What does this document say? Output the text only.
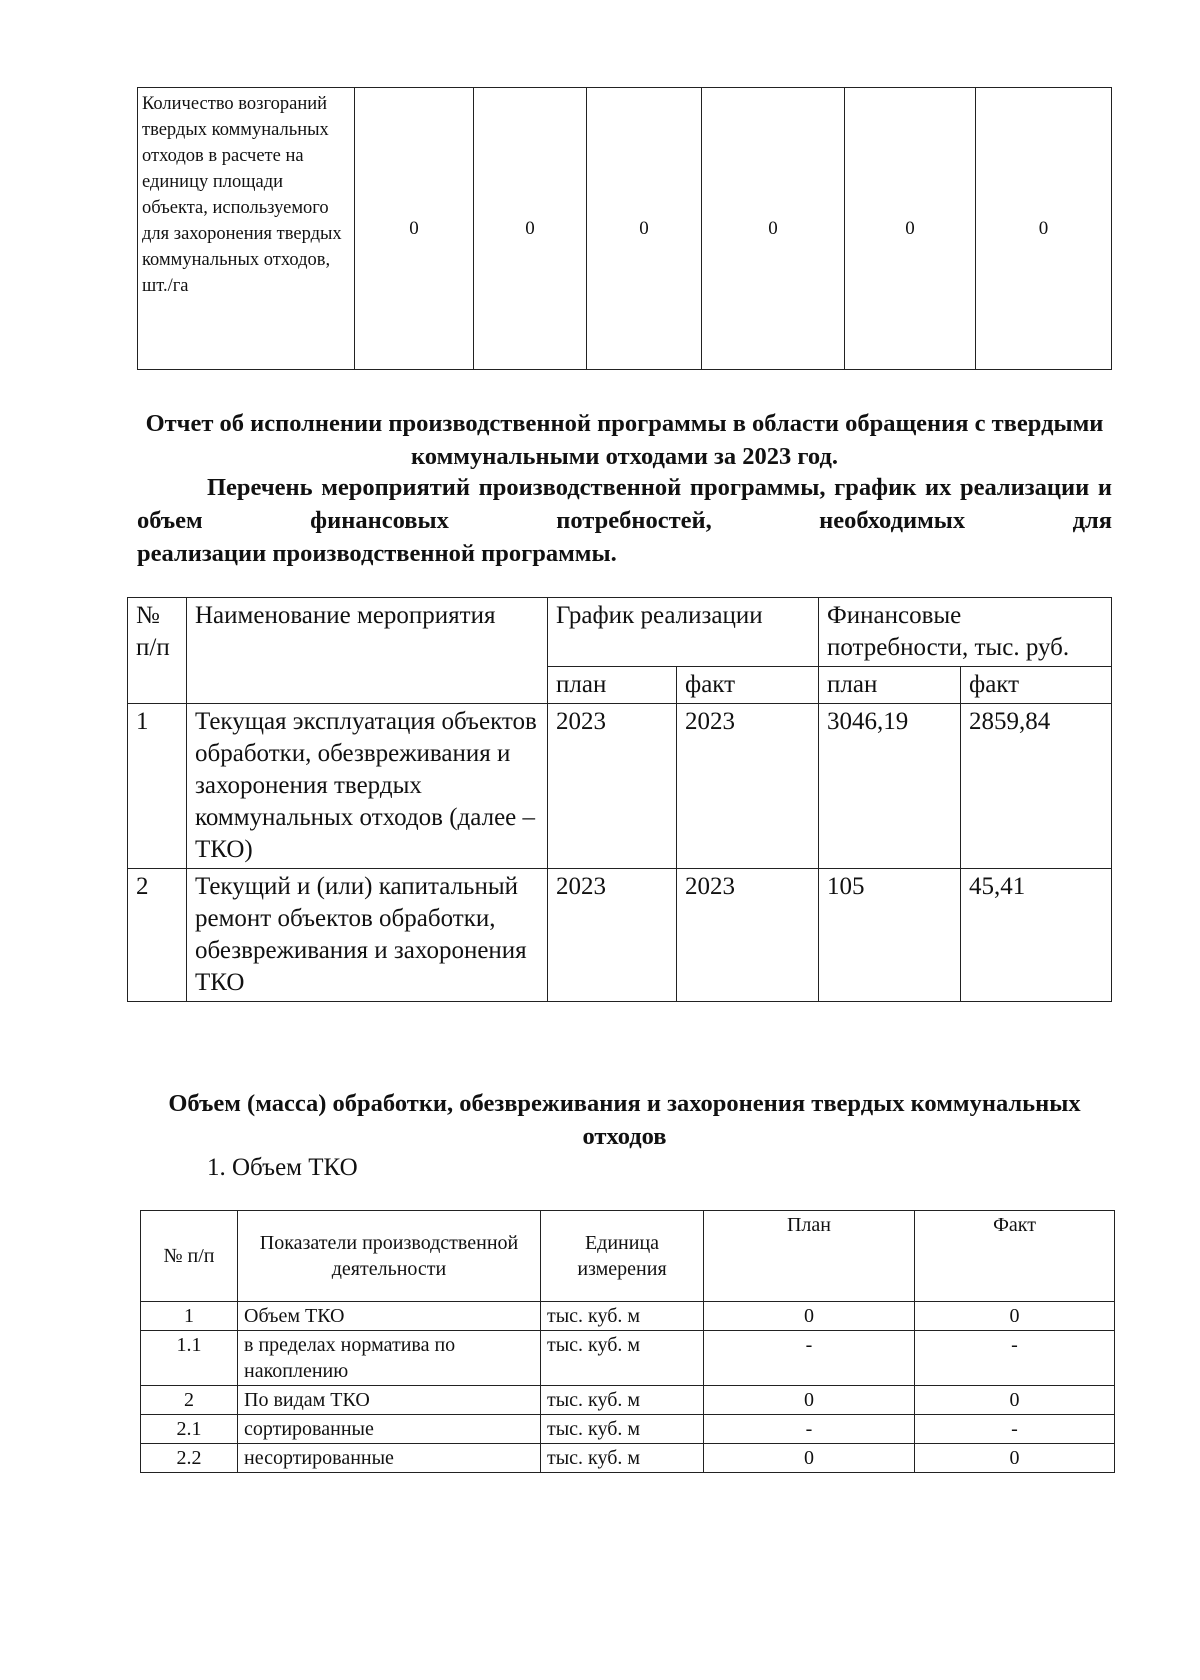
Количество возгораний твердых коммунальных отходов в расчете на единицу площади объекта, используемого для захоронения твердых коммунальных отходов, шт./га	0	0	0	0	0	0

Отчет об исполнении производственной программы в области обращения с твердыми коммунальными отходами за 2023 год.

Перечень мероприятий производственной программы, график их реализации и объем финансовых потребностей, необходимых для

реализации производственной программы.

№ п/п	Наименование мероприятия	График реализации		Финансовые потребности, тыс. руб.	
		план	факт	план	факт
1	Текущая эксплуатация объектов обработки, обезвреживания и захоронения твердых коммунальных отходов (далее – ТКО)	2023	2023	3046,19	2859,84
2	Текущий и (или) капитальный ремонт объектов обработки, обезвреживания и захоронения ТКО	2023	2023	105	45,41

Объем (масса) обработки, обезвреживания и захоронения твердых коммунальных отходов

1. Объем ТКО
№ п/п	Показатели производственной деятельности	Единица измерения	План	Факт
1	Объем ТКО	тыс. куб. м	0	0
1.1	в пределах норматива по накоплению	тыс. куб. м	-	-
2	По видам ТКО	тыс. куб. м	0	0
2.1	сортированные	тыс. куб. м	-	-
2.2	несортированные	тыс. куб. м	0	0
